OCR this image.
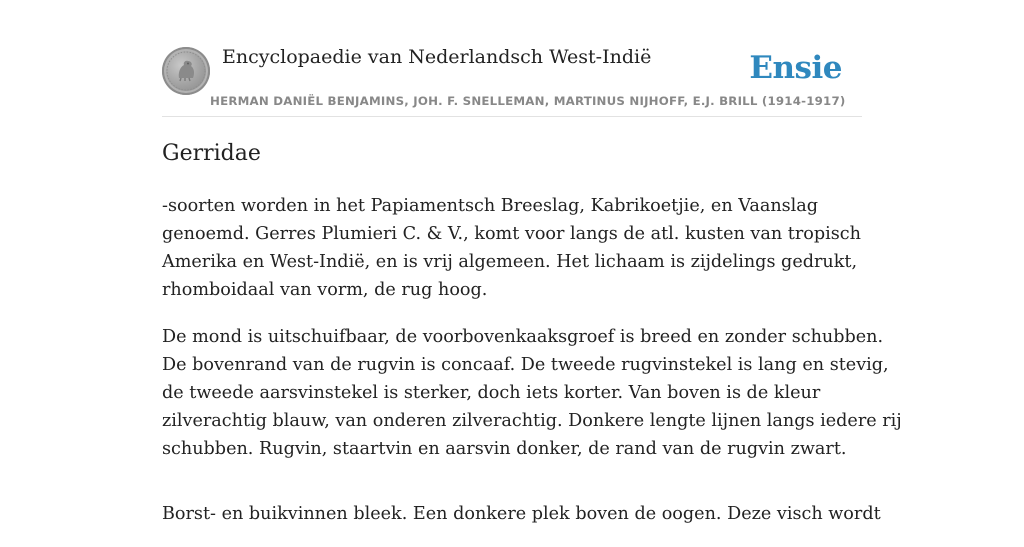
Encyclopaedie van Nederlandsch West-Indië	Ensie
HERMAN DANIËL BENJAMINS, JOH. F. SNELLEMAN, MARTINUS NIJHOFF, E.J. BRILL (1914-1917)
Gerridae

-soorten worden in het Papiamentsch Breeslag, Kabrikoetjie, en Vaanslag
genoemd. Gerres Plumieri C. & V., komt voor langs de atl. kusten van tropisch
Amerika en West-Indië, en is vrij algemeen. Het lichaam is zijdelings gedrukt,
rhomboidaal van vorm, de rug hoog.

De mond is uitschuifbaar, de voorbovenkaaksgroef is breed en zonder schubben.
De bovenrand van de rugvin is concaaf. De tweede rugvinstekel is lang en stevig,
de tweede aarsvinstekel is sterker, doch iets korter. Van boven is de kleur
zilverachtig blauw, van onderen zilverachtig. Donkere lengte lijnen langs iedere rij
schubben. Rugvin, staartvin en aarsvin donker, de rand van de rugvin zwart.

Borst- en buikvinnen bleek. Een donkere plek boven de oogen. Deze visch wordt
